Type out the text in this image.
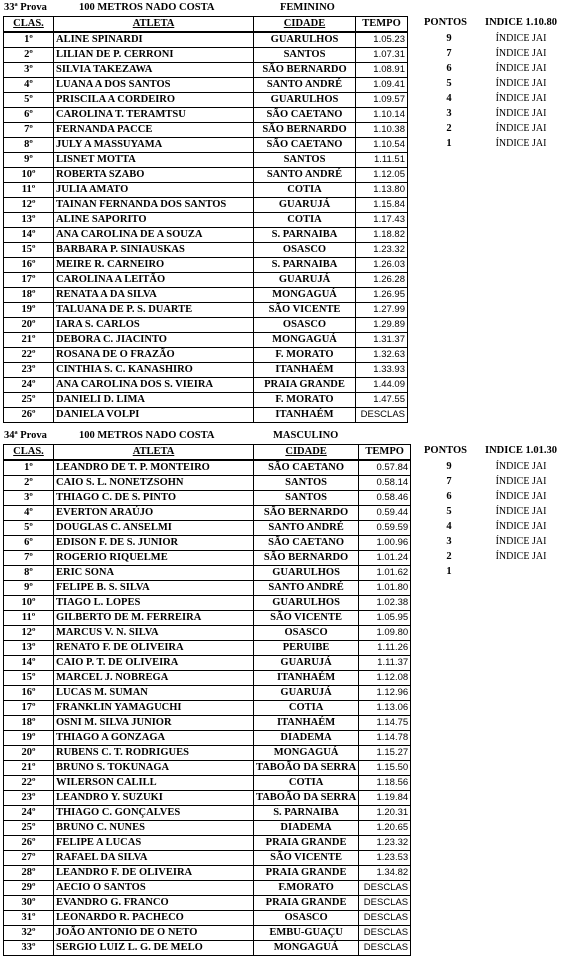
33ª Prova	100 METROS NADO COSTA	FEMININO
PONTOS INDICE 1.10.80
CLAS.	ATLETA	CIDADE	TEMPO
1º	ALINE SPINARDI	GUARULHOS	1.05.23
2º	LILIAN DE P. CERRONI	SANTOS	1.07.31
3º	SILVIA TAKEZAWA	SÃO BERNARDO	1.08.91
4º	LUANA A DOS SANTOS	SANTO ANDRÉ	1.09.41
5º	PRISCILA A CORDEIRO	GUARULHOS	1.09.57
6º	CAROLINA T. TERAMTSU	SÃO CAETANO	1.10.14
7º	FERNANDA PACCE	SÃO BERNARDO	1.10.38
8º	JULY A MASSUYAMA	SÃO CAETANO	1.10.54
9º	LISNET MOTTA	SANTOS	1.11.51
10º	ROBERTA SZABO	SANTO ANDRÉ	1.12.05
11º	JULIA AMATO	COTIA	1.13.80
12º	TAINAN FERNANDA DOS SANTOS	GUARUJÁ	1.15.84
13º	ALINE SAPORITO	COTIA	1.17.43
14º	ANA CAROLINA DE A SOUZA	S. PARNAIBA	1.18.82
15º	BARBARA P. SINIAUSKAS	OSASCO	1.23.32
16º	MEIRE R. CARNEIRO	S. PARNAIBA	1.26.03
17º	CAROLINA A LEITÃO	GUARUJÁ	1.26.28
18º	RENATA A DA SILVA	MONGAGUÁ	1.26.95
19º	TALUANA DE P. S. DUARTE	SÃO VICENTE	1.27.99
20º	IARA S. CARLOS	OSASCO	1.29.89
21º	DEBORA C. JIACINTO	MONGAGUÁ	1.31.37
22º	ROSANA DE O FRAZÃO	F. MORATO	1.32.63
23º	CINTHIA S. C. KANASHIRO	ITANHAÉM	1.33.93
24º	ANA CAROLINA DOS S. VIEIRA	PRAIA GRANDE	1.44.09
25º	DANIELI D. LIMA	F. MORATO	1.47.55
26º	DANIELA VOLPI	ITANHAÉM	DESCLAS
9	ÍNDICE JAI
7	ÍNDICE JAI
6	ÍNDICE JAI
5	ÍNDICE JAI
4	ÍNDICE JAI
3	ÍNDICE JAI
2	ÍNDICE JAI
1	ÍNDICE JAI
34ª Prova	100 METROS NADO COSTA	MASCULINO
PONTOS INDICE 1.01.30
CLAS.	ATLETA	CIDADE	TEMPO
1º	LEANDRO DE T. P. MONTEIRO	SÃO CAETANO	0.57.84
2º	CAIO S. L. NONETZSOHN	SANTOS	0.58.14
3º	THIAGO C. DE S. PINTO	SANTOS	0.58.46
4º	EVERTON ARAÚJO	SÃO BERNARDO	0.59.44
5º	DOUGLAS C. ANSELMI	SANTO ANDRÉ	0.59.59
6º	EDISON F. DE S. JUNIOR	SÃO CAETANO	1.00.96
7º	ROGERIO RIQUELME	SÃO BERNARDO	1.01.24
8º	ERIC SONA	GUARULHOS	1.01.62
9º	FELIPE B. S. SILVA	SANTO ANDRÉ	1.01.80
10º	TIAGO L. LOPES	GUARULHOS	1.02.38
11º	GILBERTO DE M. FERREIRA	SÃO VICENTE	1.05.95
12º	MARCUS V. N. SILVA	OSASCO	1.09.80
13º	RENATO F. DE OLIVEIRA	PERUIBE	1.11.26
14º	CAIO P. T. DE OLIVEIRA	GUARUJÁ	1.11.37
15º	MARCEL J. NOBREGA	ITANHAÉM	1.12.08
16º	LUCAS M. SUMAN	GUARUJÁ	1.12.96
17º	FRANKLIN YAMAGUCHI	COTIA	1.13.06
18º	OSNI M. SILVA JUNIOR	ITANHAÉM	1.14.75
19º	THIAGO A GONZAGA	DIADEMA	1.14.78
20º	RUBENS C. T. RODRIGUES	MONGAGUÁ	1.15.27
21º	BRUNO S. TOKUNAGA	TABOÃO DA SERRA	1.15.50
22º	WILERSON CALILL	COTIA	1.18.56
23º	LEANDRO Y. SUZUKI	TABOÃO DA SERRA	1.19.84
24º	THIAGO C. GONÇALVES	S. PARNAIBA	1.20.31
25º	BRUNO C. NUNES	DIADEMA	1.20.65
26º	FELIPE A LUCAS	PRAIA GRANDE	1.23.32
27º	RAFAEL DA SILVA	SÃO VICENTE	1.23.53
28º	LEANDRO F. DE OLIVEIRA	PRAIA GRANDE	1.34.82
29º	AECIO O SANTOS	F.MORATO	DESCLAS
30º	EVANDRO G. FRANCO	PRAIA GRANDE	DESCLAS
31º	LEONARDO R. PACHECO	OSASCO	DESCLAS
32º	JOÃO ANTONIO DE O NETO	EMBU-GUAÇU	DESCLAS
33º	SERGIO LUIZ L. G. DE MELO	MONGAGUÁ	DESCLAS
9	ÍNDICE JAI
7	ÍNDICE JAI
6	ÍNDICE JAI
5	ÍNDICE JAI
4	ÍNDICE JAI
3	ÍNDICE JAI
2	ÍNDICE JAI
1
